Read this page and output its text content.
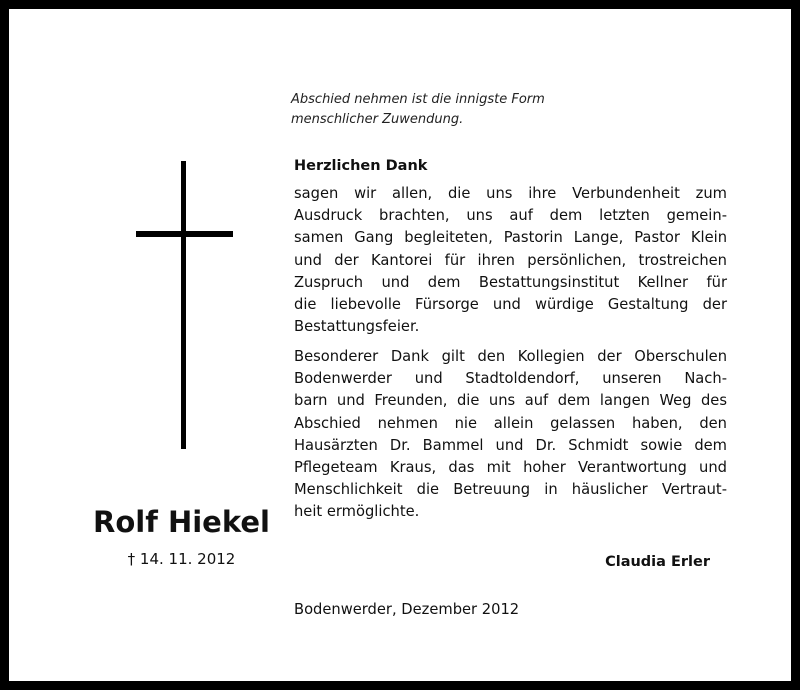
Abschied nehmen ist die innigste Form
menschlicher Zuwendung.
Rolf Hiekel
† 14. 11. 2012
Herzlichen Dank
sagen wir allen, die uns ihre Verbundenheit zum
Ausdruck brachten, uns auf dem letzten gemein-
samen Gang begleiteten, Pastorin Lange, Pastor Klein
und der Kantorei für ihren persönlichen, trostreichen
Zuspruch und dem Bestattungsinstitut Kellner für
die liebevolle Fürsorge und würdige Gestaltung der
Bestattungsfeier.
Besonderer Dank gilt den Kollegien der Oberschulen
Bodenwerder und Stadtoldendorf, unseren Nach-
barn und Freunden, die uns auf dem langen Weg des
Abschied nehmen nie allein gelassen haben, den
Hausärzten Dr. Bammel und Dr. Schmidt sowie dem
Pflegeteam Kraus, das mit hoher Verantwortung und
Menschlichkeit die Betreuung in häuslicher Vertraut-
heit ermöglichte.
Claudia Erler
Bodenwerder, Dezember 2012
